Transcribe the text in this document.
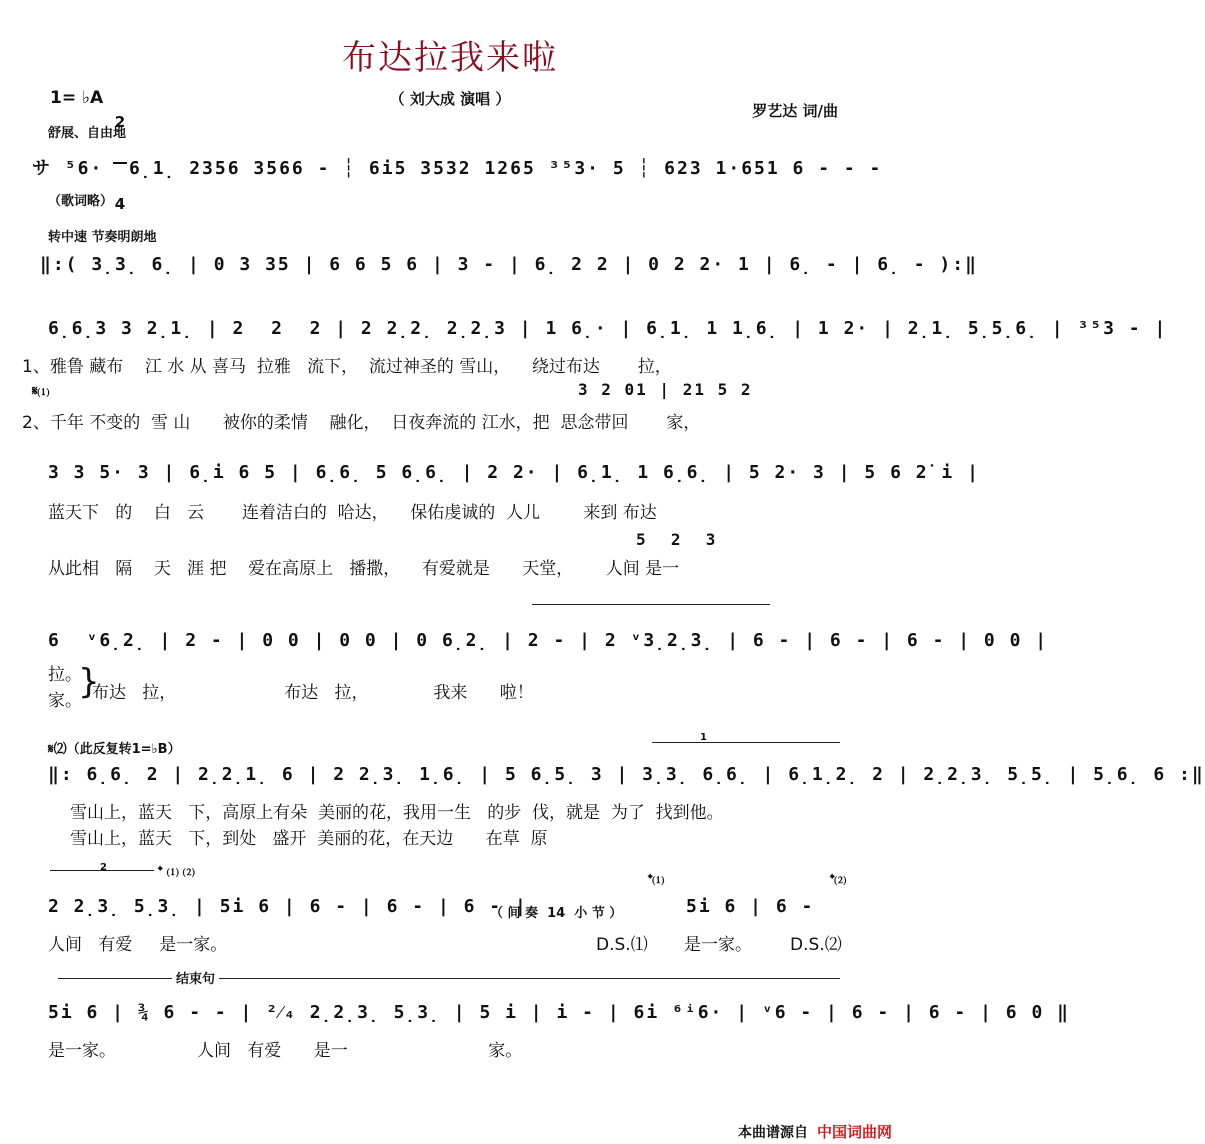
布达拉我来啦
（ 刘大成 演唱 ）
1= ♭A

2

4

罗艺达 词/曲
舒展、自由地
サ ⁵6·  6̣1̣ 2356 3566 - ┆ 6i5 3532 1265 ³⁵3· 5 ┆ 623 1·651 6 - - -
（歌词略）
转中速 节奏明朗地
‖:( 3̣3̣ 6̣ | 0 3 35 | 6 6 5 6 | 3 - | 6̣ 2 2 | 0 2 2· 1 | 6̣ - | 6̣ - ):‖
6̣6̣3 3 2̣1̣ | 2  2  2 | 2 2̣2̣ 2̣2̣3 | 1 6̣· | 6̣1̣ 1 1̣6̣ | 1 2· | 2̣1̣ 5̣5̣6̣ | ³⁵3 - |
1、雅鲁 藏布    江 水 从 喜马  拉雅   流下，  流过神圣的 雪山，    绕过布达       拉，
𝄋⑴	3 2 01 | 21 5 2
2、千年 不变的  雪 山      被你的柔情    融化，  日夜奔流的 江水，把  思念带回       家，
3 3 5· 3 | 6̣i 6 5 | 6̣6̣ 5 6̣6̣ | 2 2· | 6̣1̣ 1 6̣6̣ | 5 2· 3 | 5 6 2̇ i |
蓝天下   的    白   云       连着洁白的  哈达，    保佑虔诚的  人儿        来到 布达
5  2  3
从此相   隔    天   涯 把    爱在高原上   播撒，    有爱就是      天堂，      人间 是一
6  ᵛ6̣2̣ | 2 - | 0 0 | 0 0 | 0 6̣2̣ | 2 - | 2 ᵛ3̣2̣3̣ | 6 - | 6 - | 6 - | 0 0 |
拉。
家。
}
布达   拉，                    布达   拉，            我来      啦！
𝄋⑵（此反复转1=♭B）
1
‖: 6̣6̣ 2 | 2̣2̣1̣ 6 | 2 2̣3̣ 1̣6̣ | 5 6̣5̣ 3 | 3̣3̣ 6̣6̣ | 6̣1̣2̣ 2 | 2̣2̣3̣ 5̣5̣ | 5̣6̣ 6 :‖
雪山上，蓝天   下，高原上有朵  美丽的花，我用一生   的步  伐，就是  为了  找到他。
雪山上，蓝天   下，到处   盛开  美丽的花，在天边      在草  原
2	𝄌 ⑴ ⑵
𝄌⑴	𝄌⑵
2 2̣3̣ 5̣3̣ | 5i 6 | 6 - | 6 - | 6 - |
（ 间 奏  14  小 节 ）	5i 6 | 6 -
人间   有爱     是一家。	D.S.⑴ 是一家。 D.S.⑵
结束句
5i 6 | ¾ 6 - - | ²⁄₄ 2̣2̣3̣ 5̣3̣ | 5 i | i - | 6i ⁶ⁱ6· | ᵛ6 - | 6 - | 6 - | 6 0 ‖
是一家。               人间   有爱      是一                          家。
本曲谱源自 中国词曲网
